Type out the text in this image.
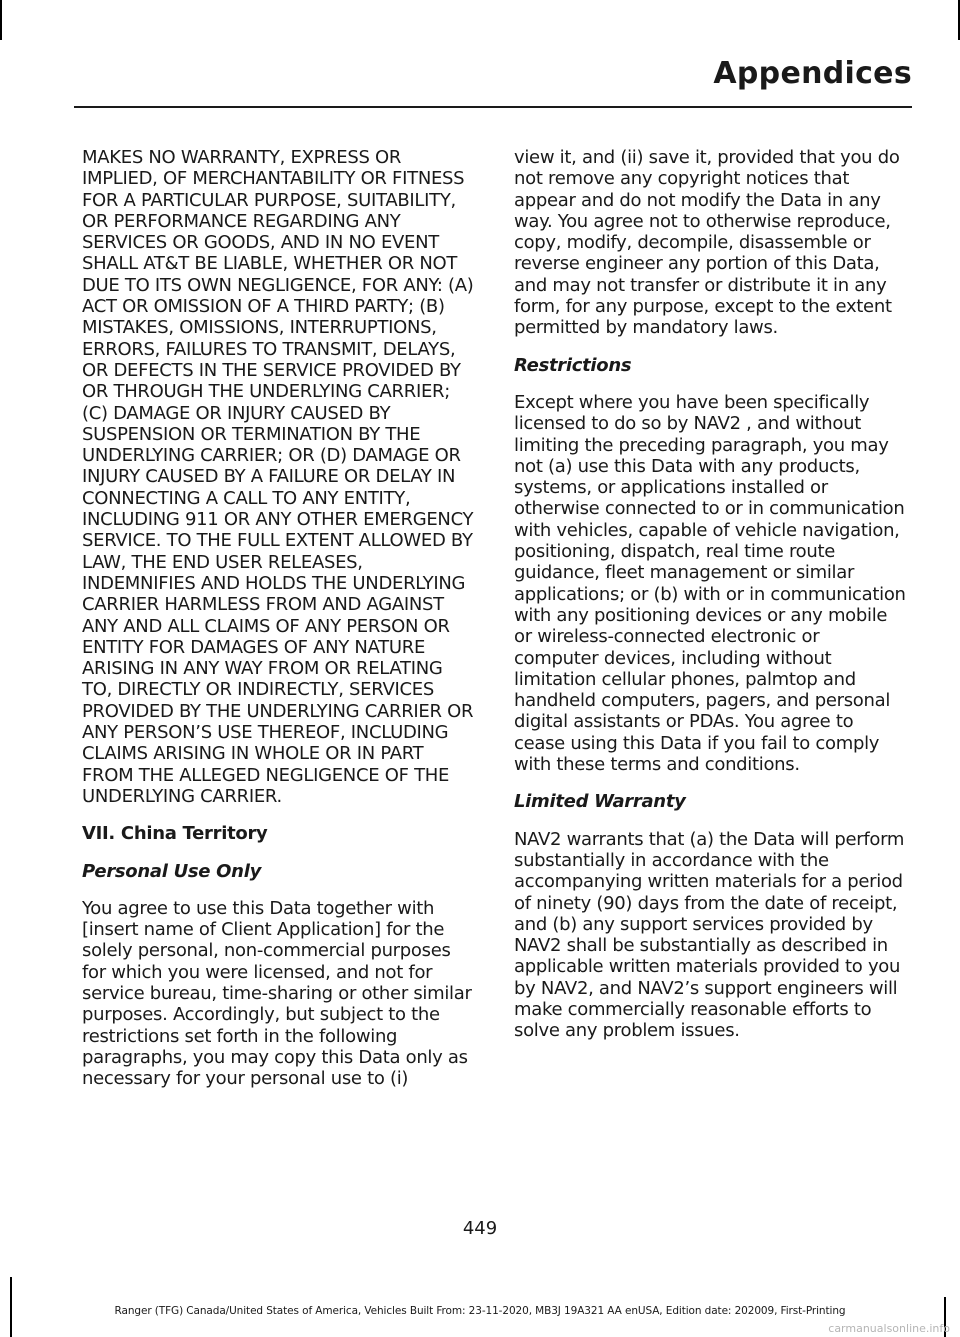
Appendices

MAKES NO WARRANTY, EXPRESS OR IMPLIED, OF MERCHANTABILITY OR FITNESS FOR A PARTICULAR PURPOSE, SUITABILITY, OR PERFORMANCE REGARDING ANY SERVICES OR GOODS, AND IN NO EVENT SHALL AT&T BE LIABLE, WHETHER OR NOT DUE TO ITS OWN NEGLIGENCE, FOR ANY: (A) ACT OR OMISSION OF A THIRD PARTY; (B) MISTAKES, OMISSIONS, INTERRUPTIONS, ERRORS, FAILURES TO TRANSMIT, DELAYS, OR DEFECTS IN THE SERVICE PROVIDED BY OR THROUGH THE UNDERLYING CARRIER; (C) DAMAGE OR INJURY CAUSED BY SUSPENSION OR TERMINATION BY THE UNDERLYING CARRIER; OR (D) DAMAGE OR INJURY CAUSED BY A FAILURE OR DELAY IN CONNECTING A CALL TO ANY ENTITY, INCLUDING 911 OR ANY OTHER EMERGENCY SERVICE. TO THE FULL EXTENT ALLOWED BY LAW, THE END USER RELEASES, INDEMNIFIES AND HOLDS THE UNDERLYING CARRIER HARMLESS FROM AND AGAINST ANY AND ALL CLAIMS OF ANY PERSON OR ENTITY FOR DAMAGES OF ANY NATURE ARISING IN ANY WAY FROM OR RELATING TO, DIRECTLY OR INDIRECTLY, SERVICES PROVIDED BY THE UNDERLYING CARRIER OR ANY PERSON’S USE THEREOF, INCLUDING CLAIMS ARISING IN WHOLE OR IN PART FROM THE ALLEGED NEGLIGENCE OF THE UNDERLYING CARRIER.

VII. China Territory
Personal Use Only

You agree to use this Data together with [insert name of Client Application] for the solely personal, non-commercial purposes for which you were licensed, and not for service bureau, time-sharing or other similar purposes. Accordingly, but subject to the restrictions set forth in the following paragraphs, you may copy this Data only as necessary for your personal use to (i)

view it, and (ii) save it, provided that you do not remove any copyright notices that appear and do not modify the Data in any way. You agree not to otherwise reproduce, copy, modify, decompile, disassemble or reverse engineer any portion of this Data, and may not transfer or distribute it in any form, for any purpose, except to the extent permitted by mandatory laws.

Restrictions

Except where you have been specifically licensed to do so by NAV2 , and without limiting the preceding paragraph, you may not (a) use this Data with any products, systems, or applications installed or otherwise connected to or in communication with vehicles, capable of vehicle navigation, positioning, dispatch, real time route guidance, fleet management or similar applications; or (b) with or in communication with any positioning devices or any mobile or wireless-connected electronic or computer devices, including without limitation cellular phones, palmtop and handheld computers, pagers, and personal digital assistants or PDAs. You agree to cease using this Data if you fail to comply with these terms and conditions.

Limited Warranty

NAV2 warrants that (a) the Data will perform substantially in accordance with the accompanying written materials for a period of ninety (90) days from the date of receipt, and (b) any support services provided by NAV2 shall be substantially as described in applicable written materials provided to you by NAV2, and NAV2’s support engineers will make commercially reasonable efforts to solve any problem issues.

449
Ranger (TFG) Canada/United States of America, Vehicles Built From: 23-11-2020, MB3J 19A321 AA enUSA, Edition date: 202009, First-Printing
carmanualsonline.info
